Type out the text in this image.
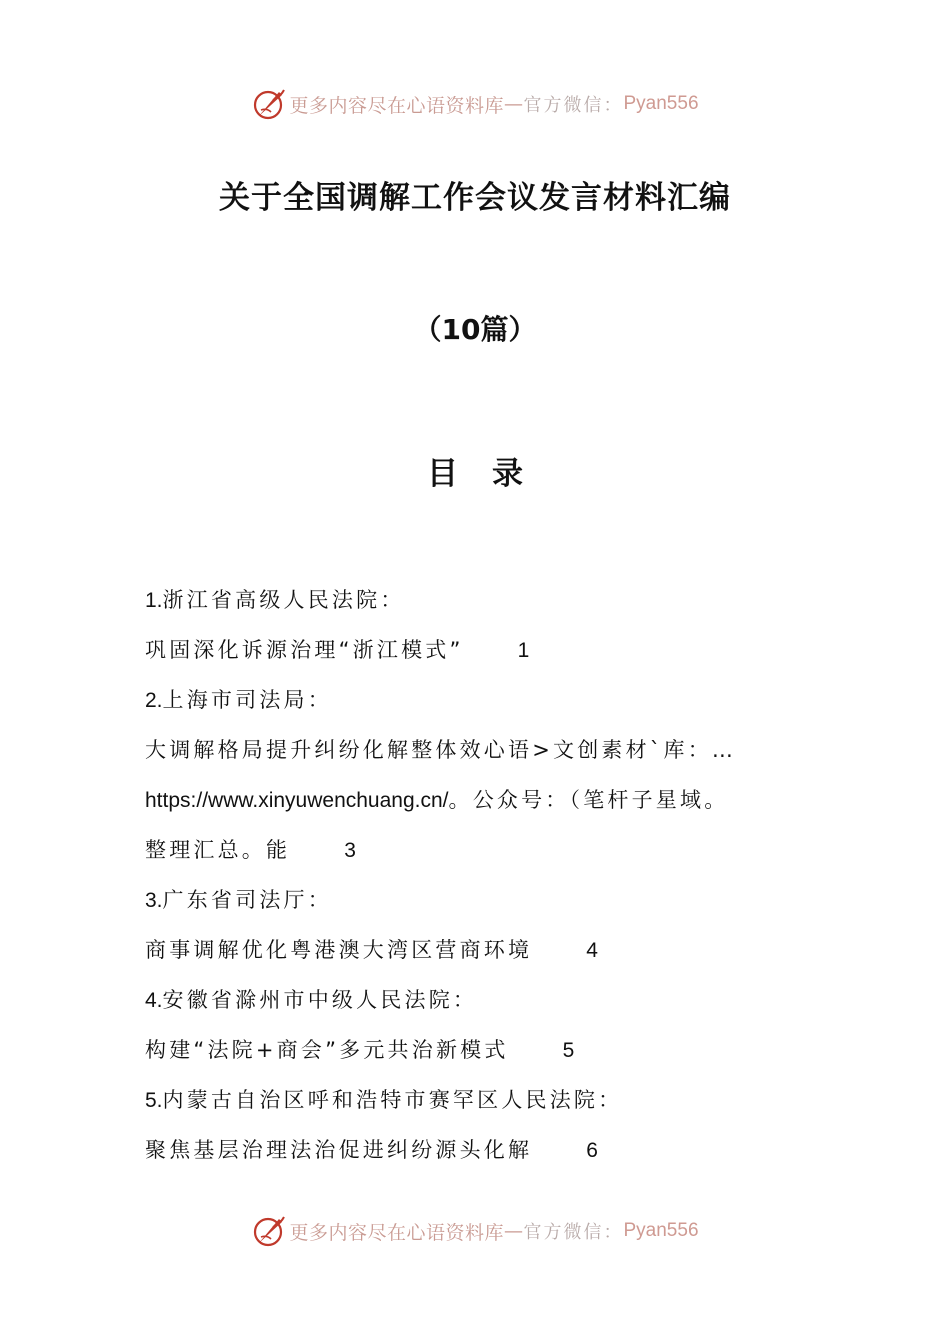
更多内容尽在心语资料库 — 官方微信： Pyan556
关于全国调解工作会议发言材料汇编
（10篇）
目录
1.浙江省高级人民法院：
巩固深化诉源治理“浙江模式”	1
2.上海市司法局：
大调解格局提升纠纷化解整体效心语>文创素材`库：…
https://www.xinyuwenchuang.cn/。公众号：（笔杆子星域。
整理汇总。能	3
3.广东省司法厅：
商事调解优化粤港澳大湾区营商环境	4
4.安徽省滁州市中级人民法院：
构建“法院+商会”多元共治新模式	5
5.内蒙古自治区呼和浩特市赛罕区人民法院：
聚焦基层治理法治促进纠纷源头化解	6
更多内容尽在心语资料库 — 官方微信： Pyan556
